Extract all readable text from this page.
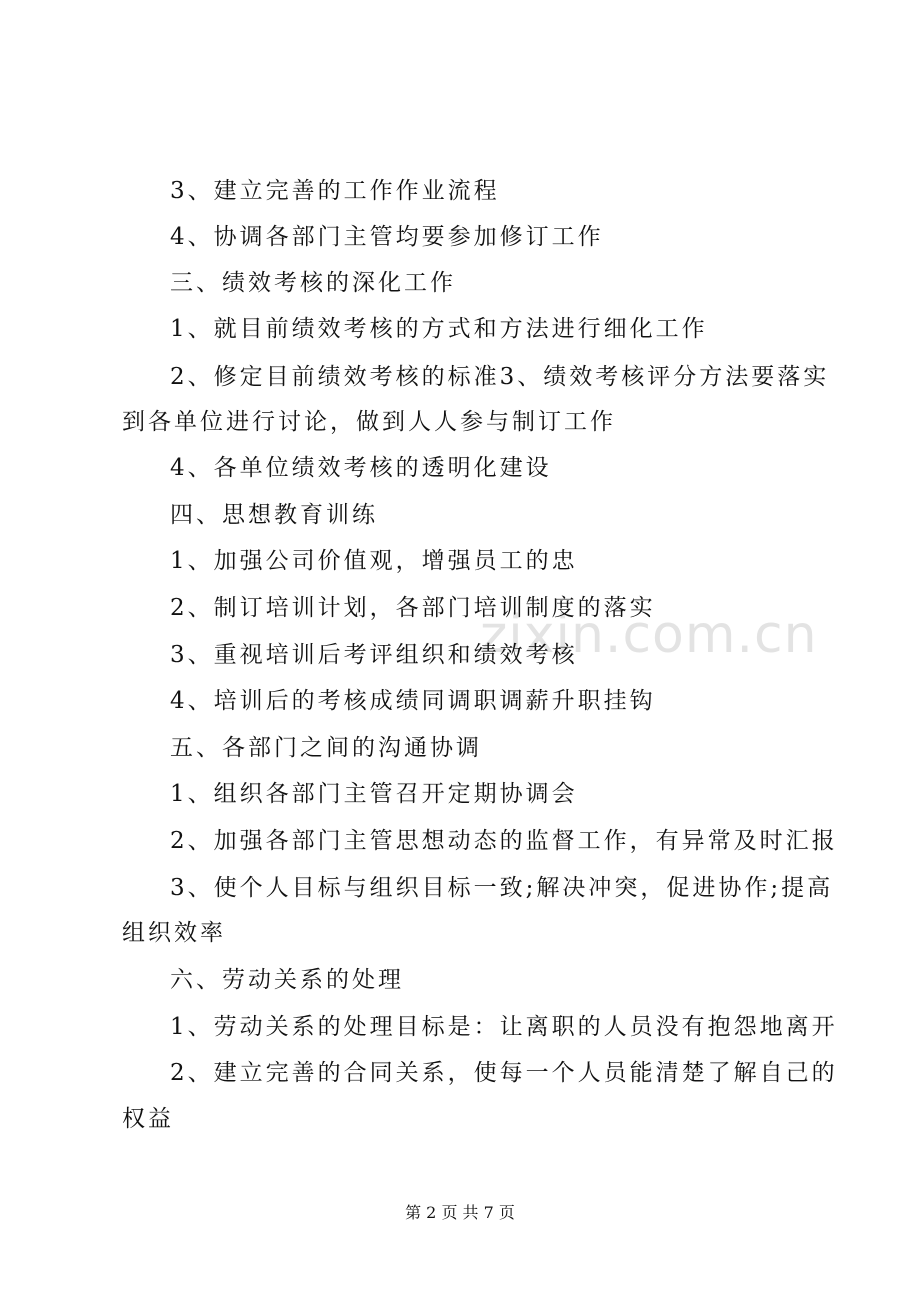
zixin.com.cn
3、建立完善的工作作业流程
4、协调各部门主管均要参加修订工作
三、绩效考核的深化工作
1、就目前绩效考核的方式和方法进行细化工作
2、修定目前绩效考核的标准3、绩效考核评分方法要落实
到各单位进行讨论，做到人人参与制订工作
4、各单位绩效考核的透明化建设
四、思想教育训练
1、加强公司价值观，增强员工的忠
2、制订培训计划，各部门培训制度的落实
3、重视培训后考评组织和绩效考核
4、培训后的考核成绩同调职调薪升职挂钩
五、各部门之间的沟通协调
1、组织各部门主管召开定期协调会
2、加强各部门主管思想动态的监督工作，有异常及时汇报
3、使个人目标与组织目标一致;解决冲突，促进协作;提高
组织效率
六、劳动关系的处理
1、劳动关系的处理目标是：让离职的人员没有抱怨地离开
2、建立完善的合同关系，使每一个人员能清楚了解自己的
权益
第 2 页 共 7 页
